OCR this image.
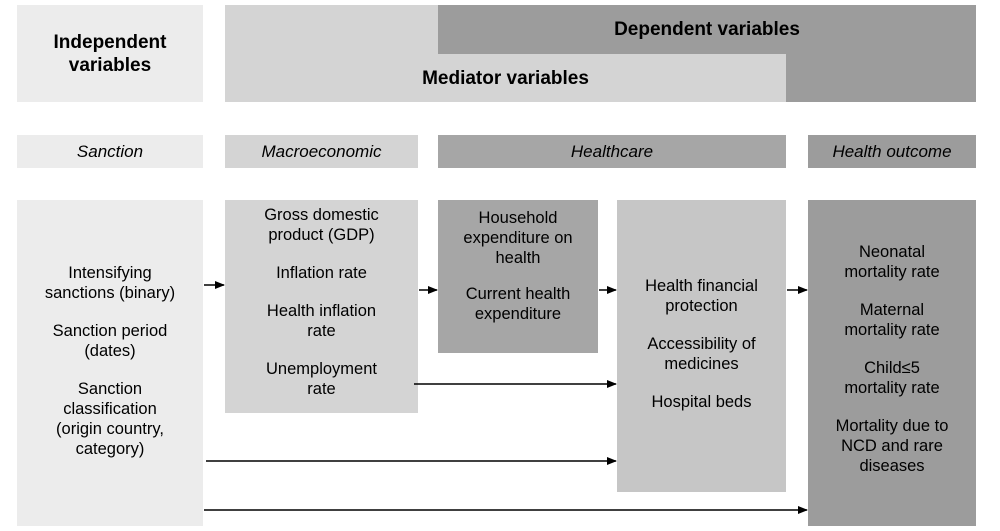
Independent
variables
Dependent variables
Mediator variables
Sanction	Macroeconomic	Healthcare	Health outcome
Intensifying
sanctions (binary)
Sanction period
(dates)
Sanction
classification
(origin country,
category)
Gross domestic
product (GDP)
Inflation rate
Health inflation
rate
Unemployment
rate
Household
expenditure on
health
Current health
expenditure
Health financial
protection
Accessibility of
medicines
Hospital beds
Neonatal
mortality rate
Maternal
mortality rate
Child≤5
mortality rate
Mortality due to
NCD and rare
diseases
